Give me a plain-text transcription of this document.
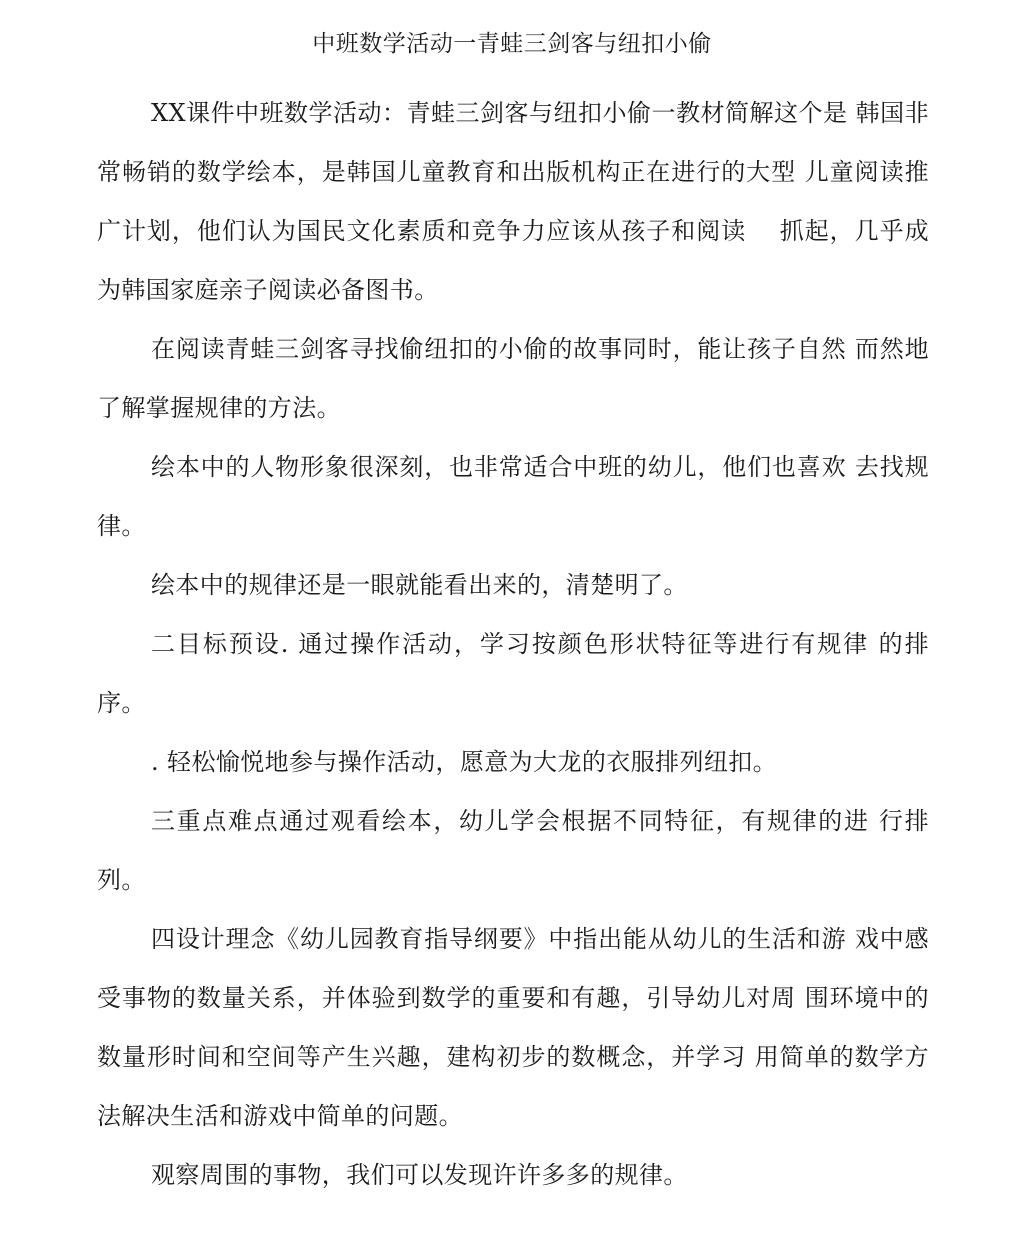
中班数学活动一青蛙三剑客与纽扣小偷

XX课件中班数学活动：青蛙三剑客与纽扣小偷一教材简解这个是 韩国非常畅销的数学绘本，是韩国儿童教育和出版机构正在进行的大型 儿童阅读推广计划，他们认为国民文化素质和竞争力应该从孩子和阅读　 抓起，几乎成为韩国家庭亲子阅读必备图书。

在阅读青蛙三剑客寻找偷纽扣的小偷的故事同时，能让孩子自然 而然地了解掌握规律的方法。

绘本中的人物形象很深刻，也非常适合中班的幼儿，他们也喜欢 去找规律。

绘本中的规律还是一眼就能看出来的，清楚明了。

二目标预设. 通过操作活动，学习按颜色形状特征等进行有规律 的排序。

. 轻松愉悦地参与操作活动，愿意为大龙的衣服排列纽扣。

三重点难点通过观看绘本，幼儿学会根据不同特征，有规律的进 行排列。

四设计理念《幼儿园教育指导纲要》中指出能从幼儿的生活和游 戏中感受事物的数量关系，并体验到数学的重要和有趣，引导幼儿对周 围环境中的数量形时间和空间等产生兴趣，建构初步的数概念，并学习 用简单的数学方法解决生活和游戏中简单的问题。

观察周围的事物，我们可以发现许许多多的规律。
